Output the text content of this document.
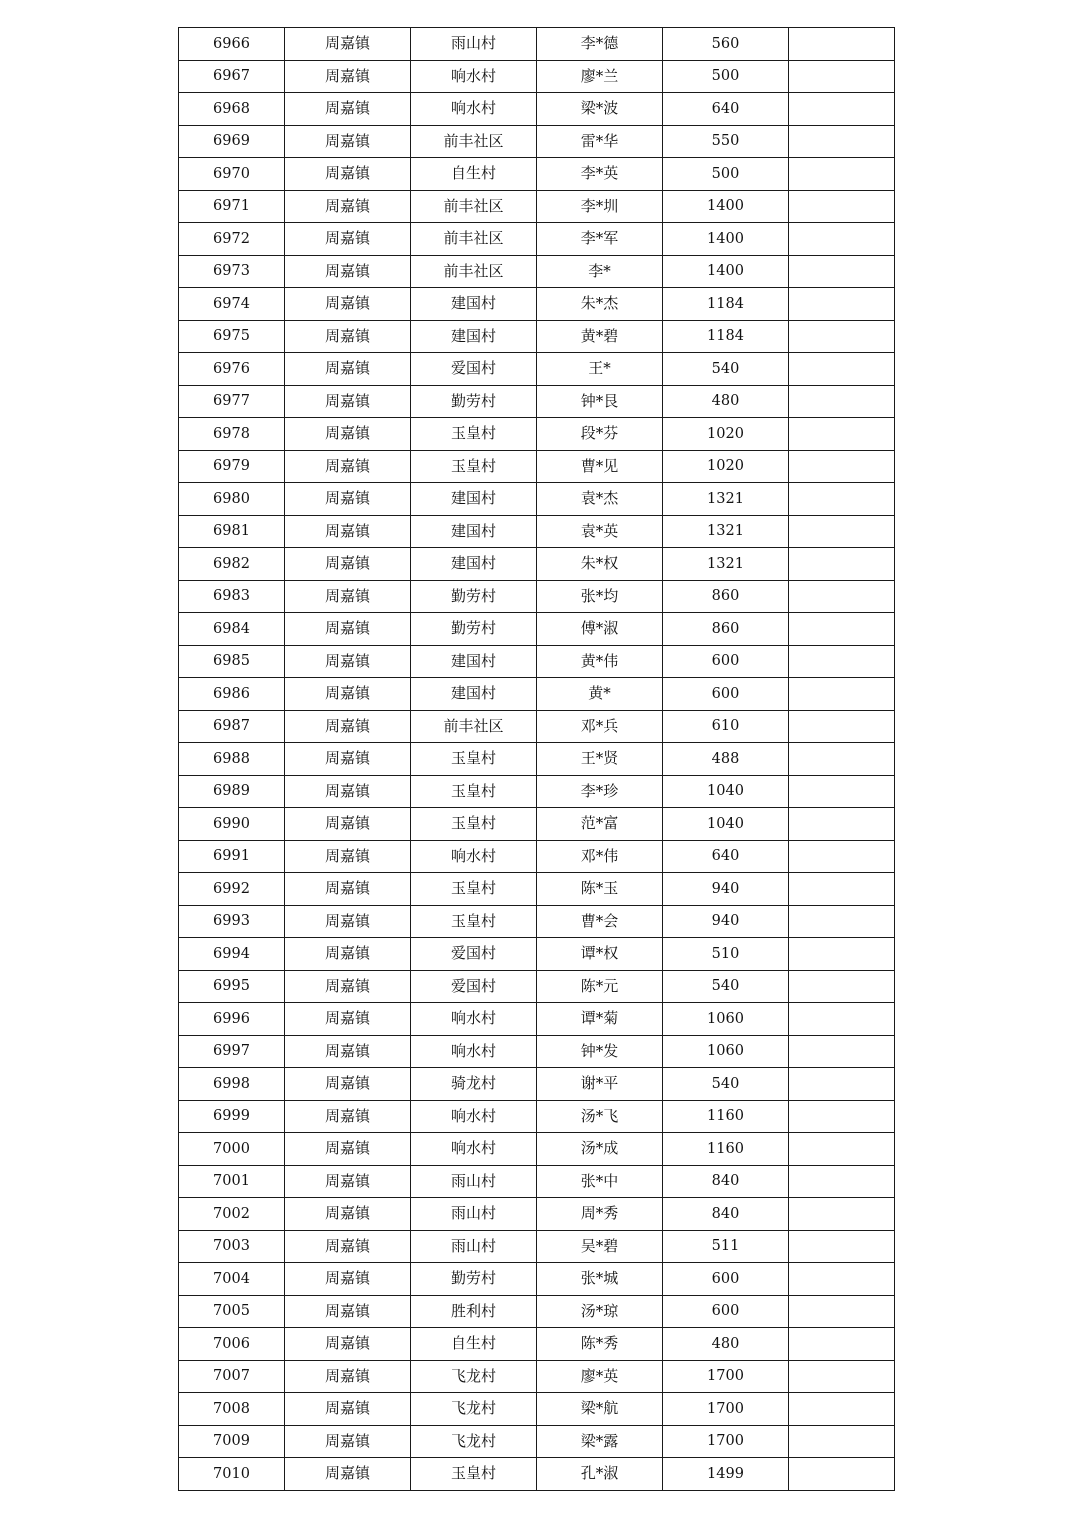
6966	周嘉镇	雨山村	李*德	560	
6967	周嘉镇	响水村	廖*兰	500	
6968	周嘉镇	响水村	梁*波	640	
6969	周嘉镇	前丰社区	雷*华	550	
6970	周嘉镇	自生村	李*英	500	
6971	周嘉镇	前丰社区	李*圳	1400	
6972	周嘉镇	前丰社区	李*军	1400	
6973	周嘉镇	前丰社区	李*	1400	
6974	周嘉镇	建国村	朱*杰	1184	
6975	周嘉镇	建国村	黄*碧	1184	
6976	周嘉镇	爱国村	王*	540	
6977	周嘉镇	勤劳村	钟*艮	480	
6978	周嘉镇	玉皇村	段*芬	1020	
6979	周嘉镇	玉皇村	曹*见	1020	
6980	周嘉镇	建国村	袁*杰	1321	
6981	周嘉镇	建国村	袁*英	1321	
6982	周嘉镇	建国村	朱*权	1321	
6983	周嘉镇	勤劳村	张*均	860	
6984	周嘉镇	勤劳村	傅*淑	860	
6985	周嘉镇	建国村	黄*伟	600	
6986	周嘉镇	建国村	黄*	600	
6987	周嘉镇	前丰社区	邓*兵	610	
6988	周嘉镇	玉皇村	王*贤	488	
6989	周嘉镇	玉皇村	李*珍	1040	
6990	周嘉镇	玉皇村	范*富	1040	
6991	周嘉镇	响水村	邓*伟	640	
6992	周嘉镇	玉皇村	陈*玉	940	
6993	周嘉镇	玉皇村	曹*会	940	
6994	周嘉镇	爱国村	谭*权	510	
6995	周嘉镇	爱国村	陈*元	540	
6996	周嘉镇	响水村	谭*菊	1060	
6997	周嘉镇	响水村	钟*发	1060	
6998	周嘉镇	骑龙村	谢*平	540	
6999	周嘉镇	响水村	汤*飞	1160	
7000	周嘉镇	响水村	汤*成	1160	
7001	周嘉镇	雨山村	张*中	840	
7002	周嘉镇	雨山村	周*秀	840	
7003	周嘉镇	雨山村	吴*碧	511	
7004	周嘉镇	勤劳村	张*城	600	
7005	周嘉镇	胜利村	汤*琼	600	
7006	周嘉镇	自生村	陈*秀	480	
7007	周嘉镇	飞龙村	廖*英	1700	
7008	周嘉镇	飞龙村	梁*航	1700	
7009	周嘉镇	飞龙村	梁*露	1700	
7010	周嘉镇	玉皇村	孔*淑	1499	
